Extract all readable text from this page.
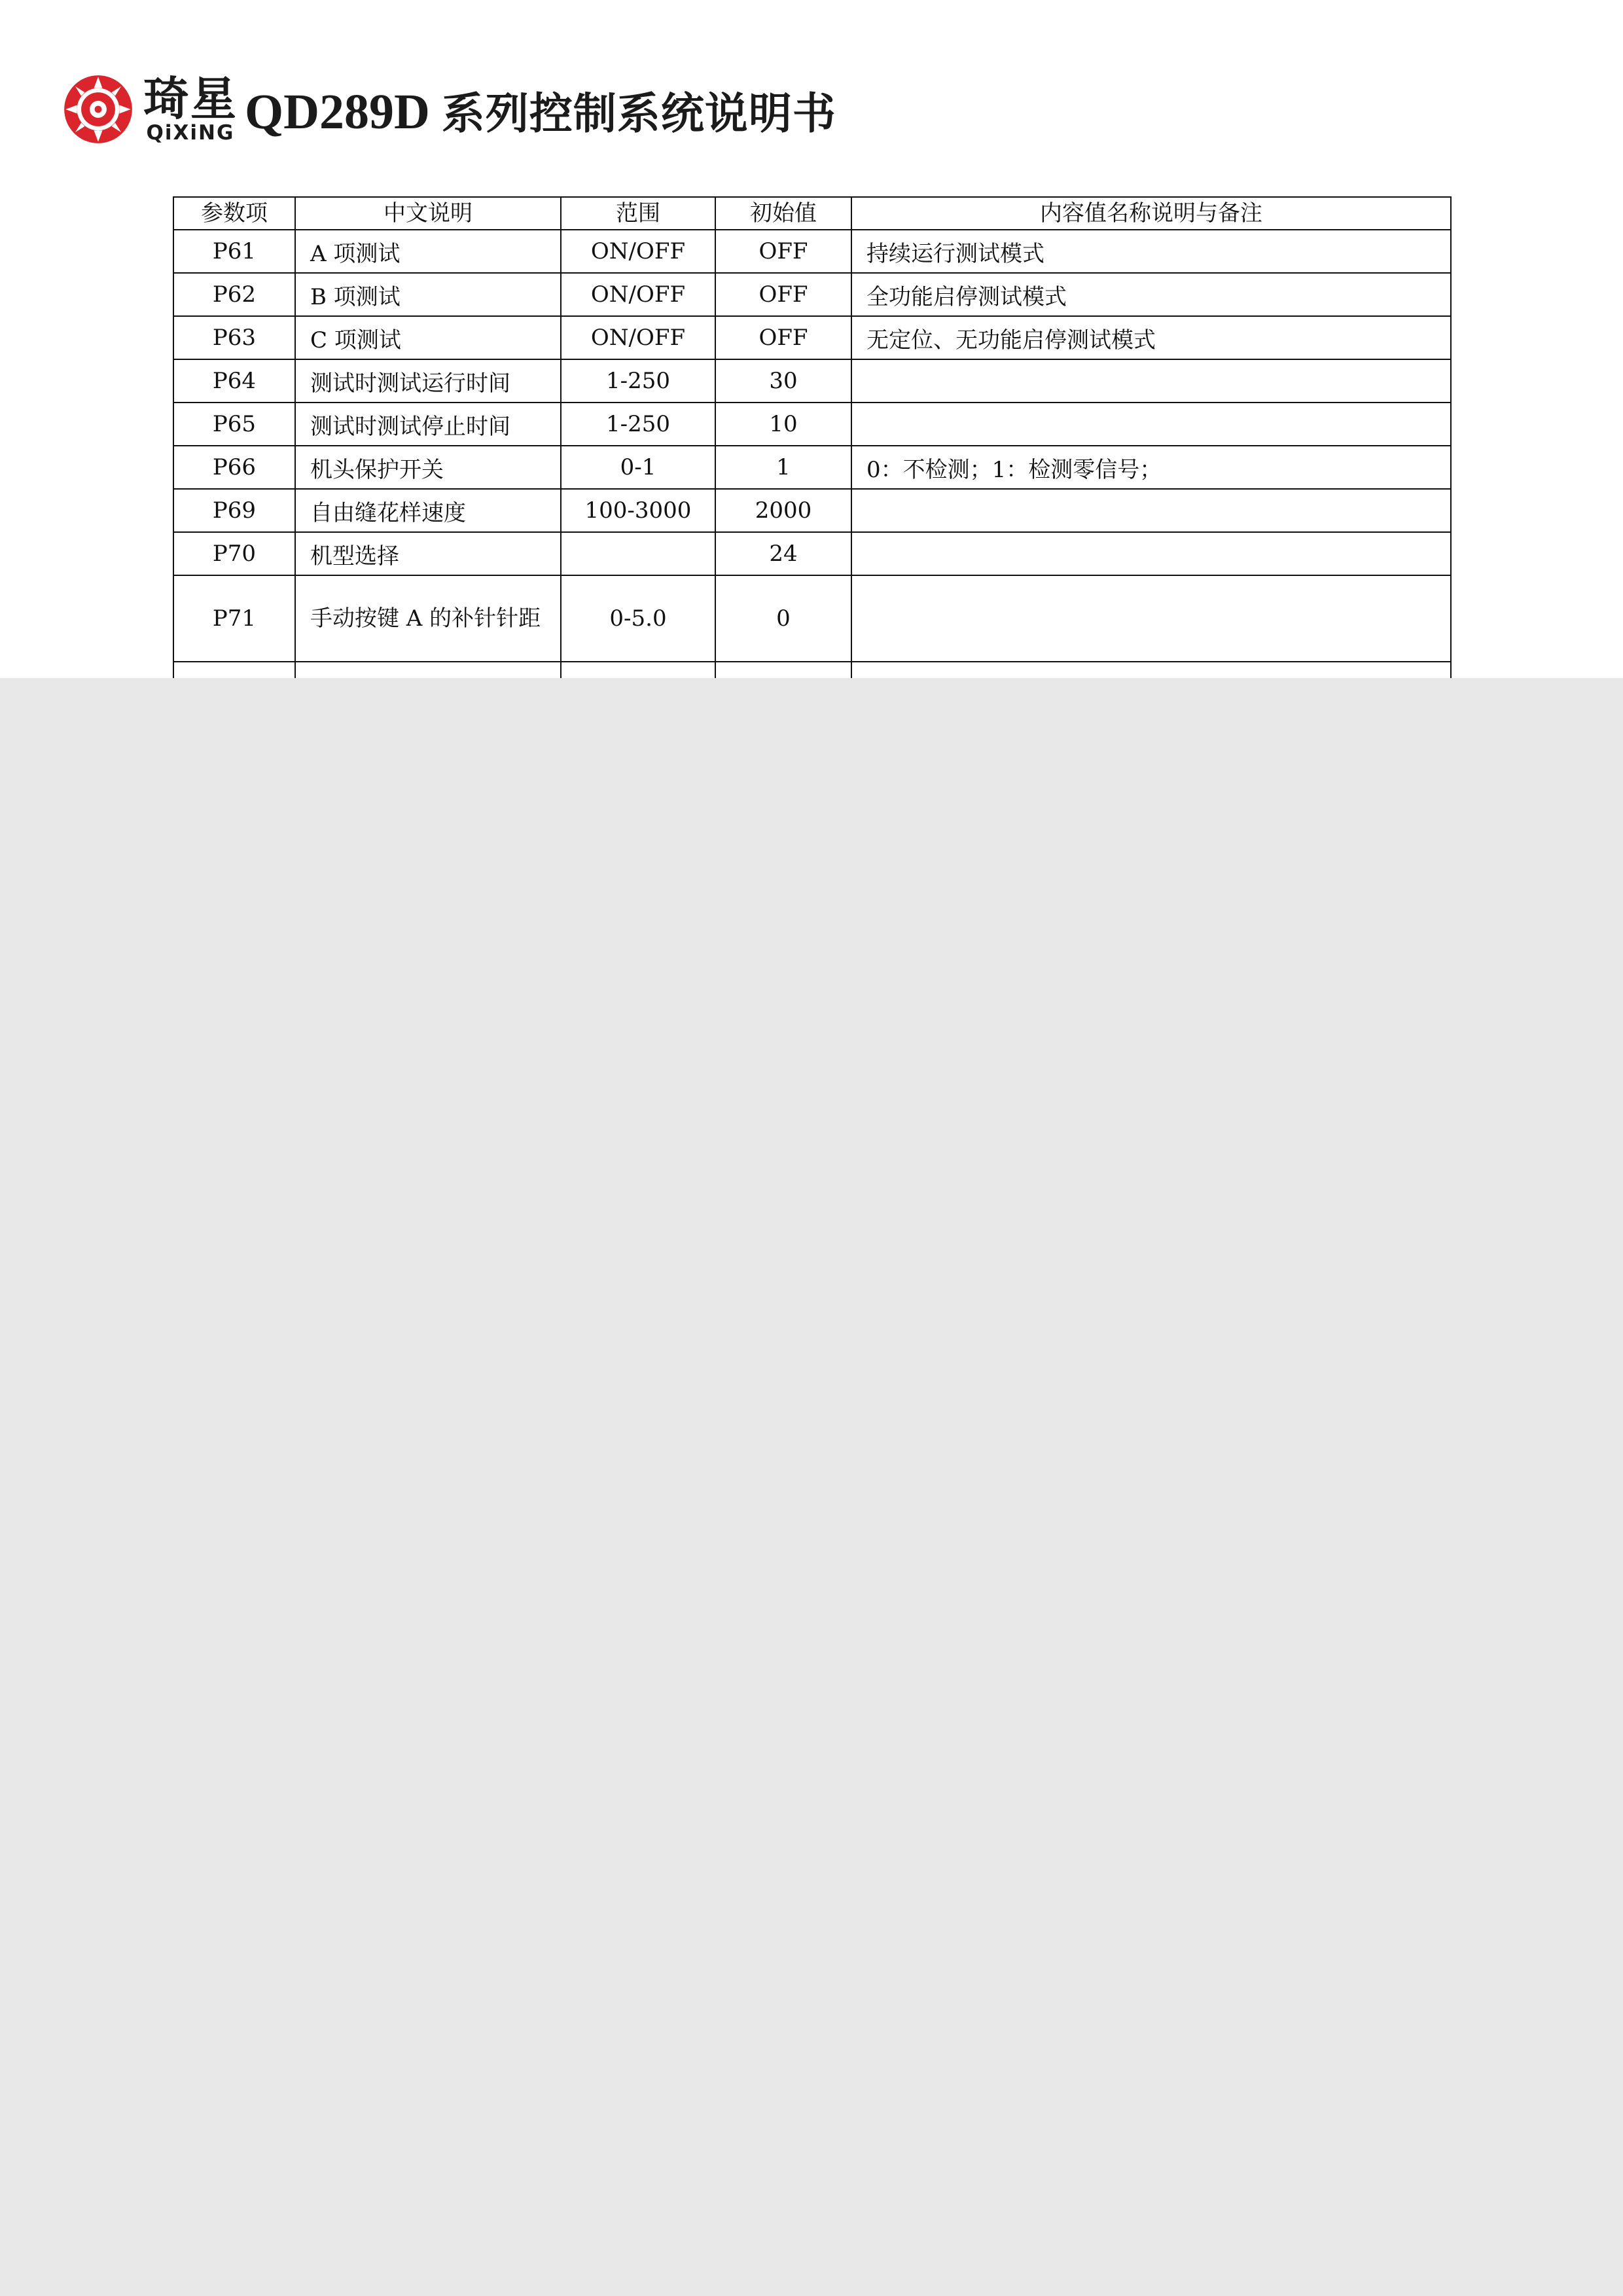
琦星
QiXiNG QD289D 系列控制系统说明书
参数项	中文说明	范围	初始值	内容值名称说明与备注
P61	A 项测试	ON/OFF	OFF	持续运行测试模式
P62	B 项测试	ON/OFF	OFF	全功能启停测试模式
P63	C 项测试	ON/OFF	OFF	无定位、无功能启停测试模式
P64	测试时测试运行时间	1-250	30	
P65	测试时测试停止时间	1-250	10	
P66	机头保护开关	0-1	1	0：不检测；1：检测零信号；
P69	自由缝花样速度	100-3000	2000	
P70	机型选择		24	
P71	手动按键 A 的补针针距	0-5.0	0	
